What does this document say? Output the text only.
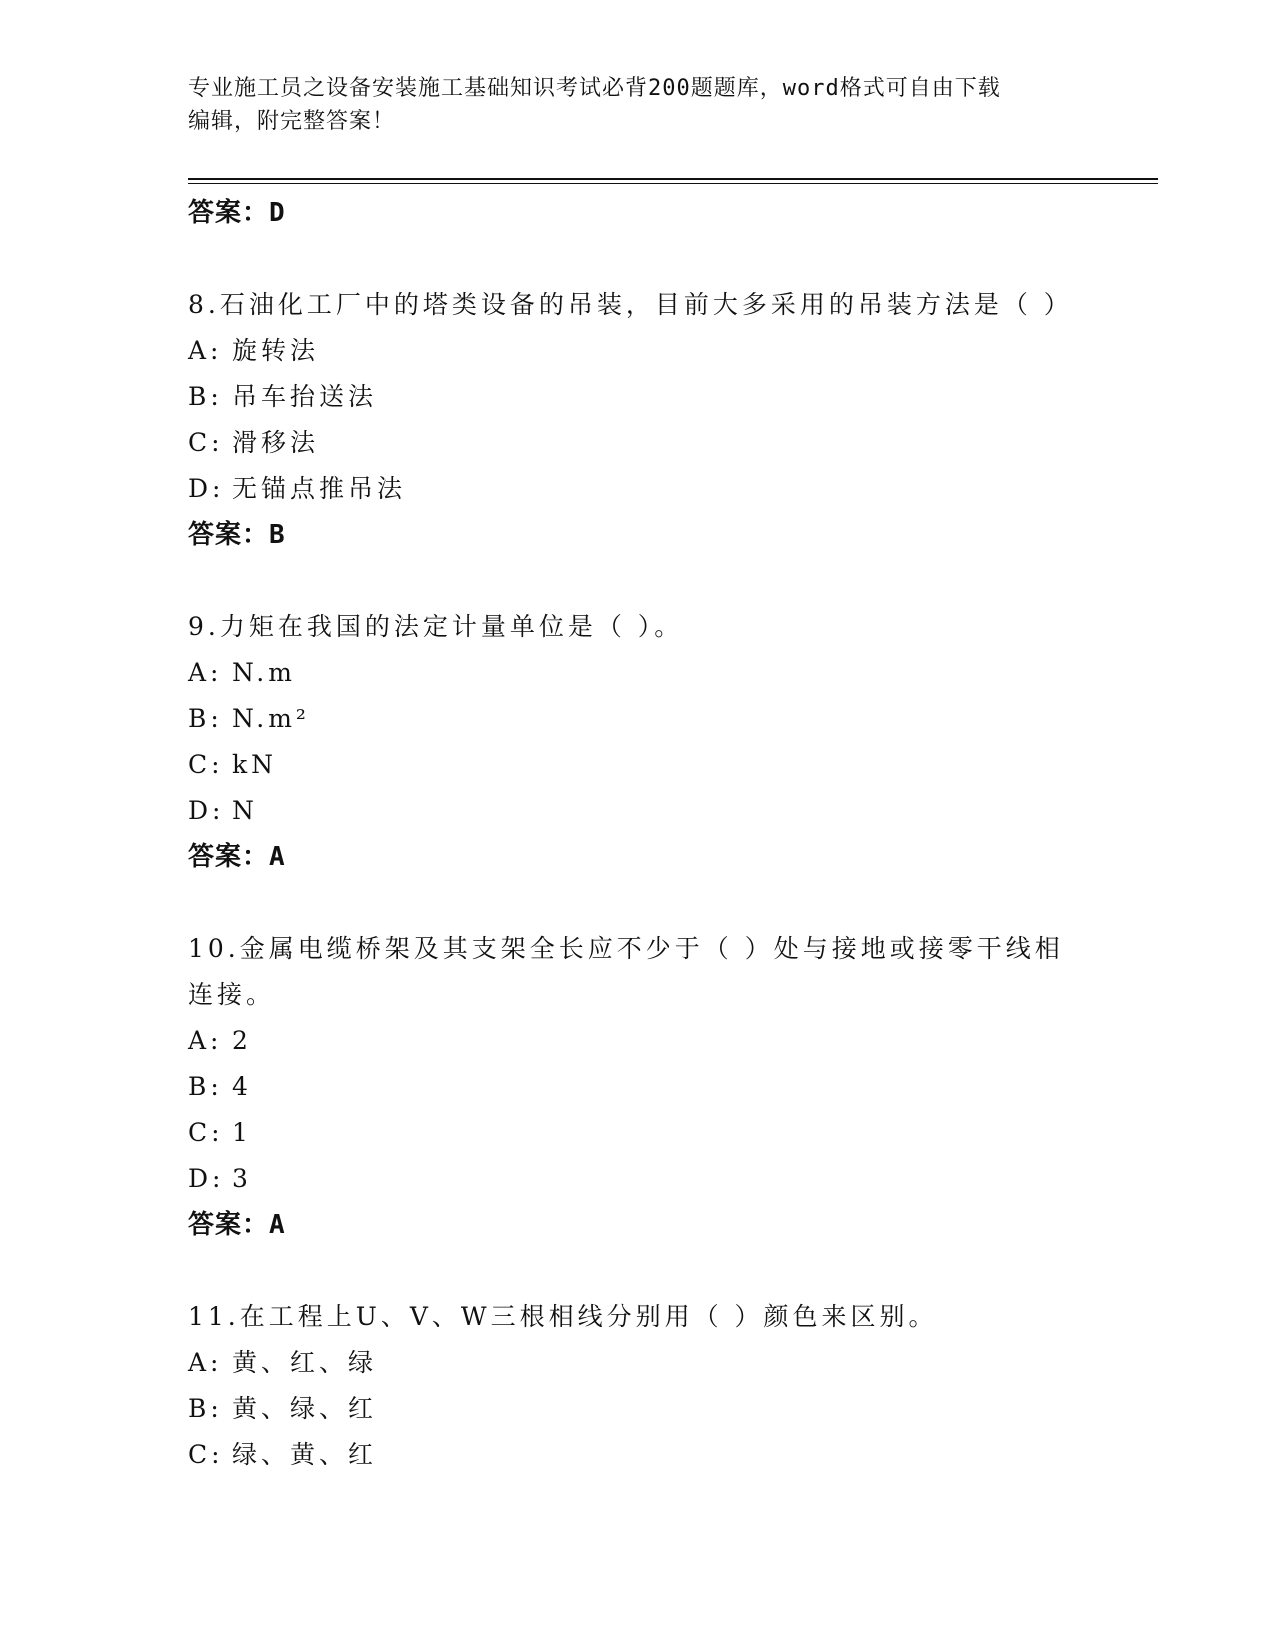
专业施工员之设备安装施工基础知识考试必背200题题库，word格式可自由下载
编辑，附完整答案！
答案：D
8.石油化工厂中的塔类设备的吊装，目前大多采用的吊装方法是（ ）
A: 旋转法
B: 吊车抬送法
C: 滑移法
D: 无锚点推吊法
答案：B
9.力矩在我国的法定计量单位是（ ）。
A: N.m
B: N.m²
C: kN
D: N
答案：A
10.金属电缆桥架及其支架全长应不少于（ ）处与接地或接零干线相连接。
A: 2
B: 4
C: 1
D: 3
答案：A
11.在工程上U、V、W三根相线分别用（ ）颜色来区别。
A: 黄、红、绿
B: 黄、绿、红
C: 绿、黄、红
